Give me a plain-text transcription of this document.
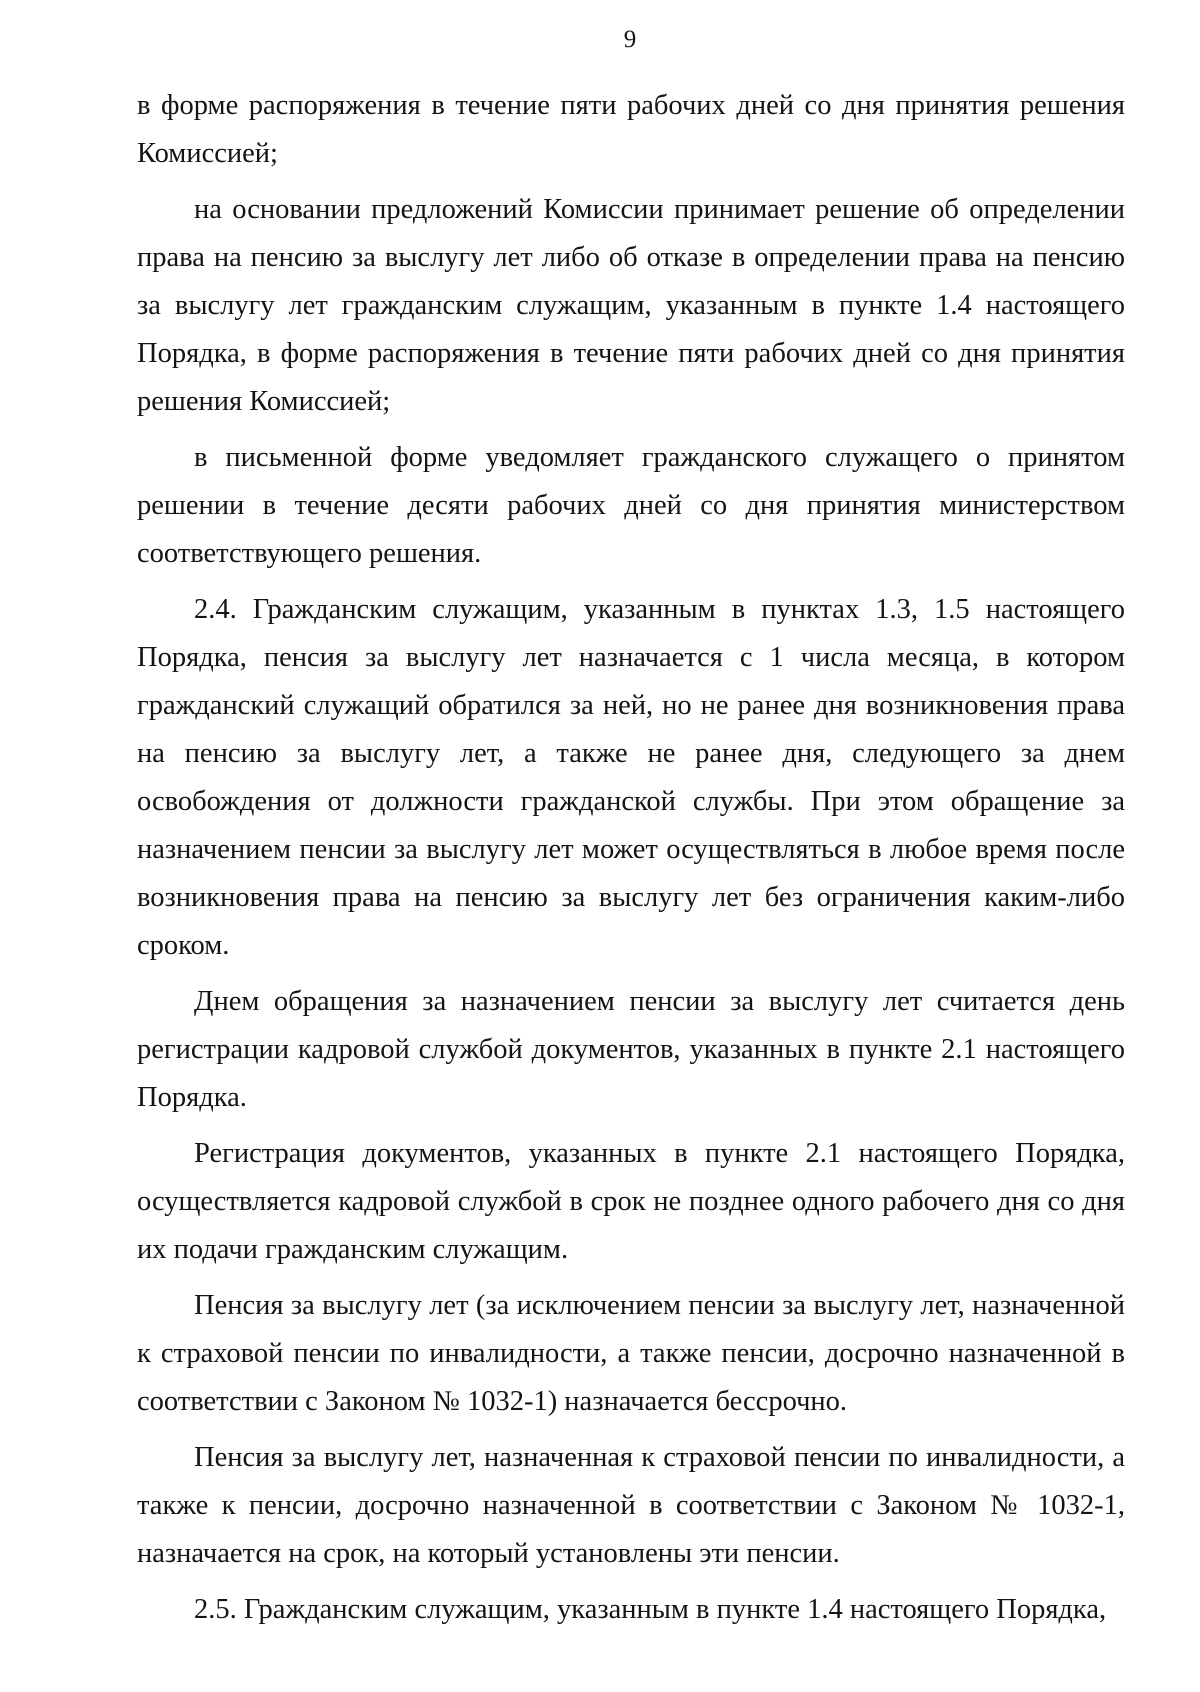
9

в форме распоряжения в течение пяти рабочих дней со дня принятия решения Комиссией;

на основании предложений Комиссии принимает решение об определении права на пенсию за выслугу лет либо об отказе в определении права на пенсию за выслугу лет гражданским служащим, указанным в пункте 1.4 настоящего Порядка, в форме распоряжения в течение пяти рабочих дней со дня принятия решения Комиссией;

в письменной форме уведомляет гражданского служащего о принятом решении в течение десяти рабочих дней со дня принятия министерством соответствующего решения.

2.4. Гражданским служащим, указанным в пунктах 1.3, 1.5 настоящего Порядка, пенсия за выслугу лет назначается с 1 числа месяца, в котором гражданский служащий обратился за ней, но не ранее дня возникновения права на пенсию за выслугу лет, а также не ранее дня, следующего за днем освобождения от должности гражданской службы. При этом обращение за назначением пенсии за выслугу лет может осуществляться в любое время после возникновения права на пенсию за выслугу лет без ограничения каким-либо сроком.

Днем обращения за назначением пенсии за выслугу лет считается день регистрации кадровой службой документов, указанных в пункте 2.1 настоящего Порядка.

Регистрация документов, указанных в пункте 2.1 настоящего Порядка, осуществляется кадровой службой в срок не позднее одного рабочего дня со дня их подачи гражданским служащим.

Пенсия за выслугу лет (за исключением пенсии за выслугу лет, назначенной к страховой пенсии по инвалидности, а также пенсии, досрочно назначенной в соответствии с Законом № 1032-1) назначается бессрочно.

Пенсия за выслугу лет, назначенная к страховой пенсии по инвалидности, а также к пенсии, досрочно назначенной в соответствии с Законом № 1032-1, назначается на срок, на который установлены эти пенсии.

2.5. Гражданским служащим, указанным в пункте 1.4 настоящего Порядка,
